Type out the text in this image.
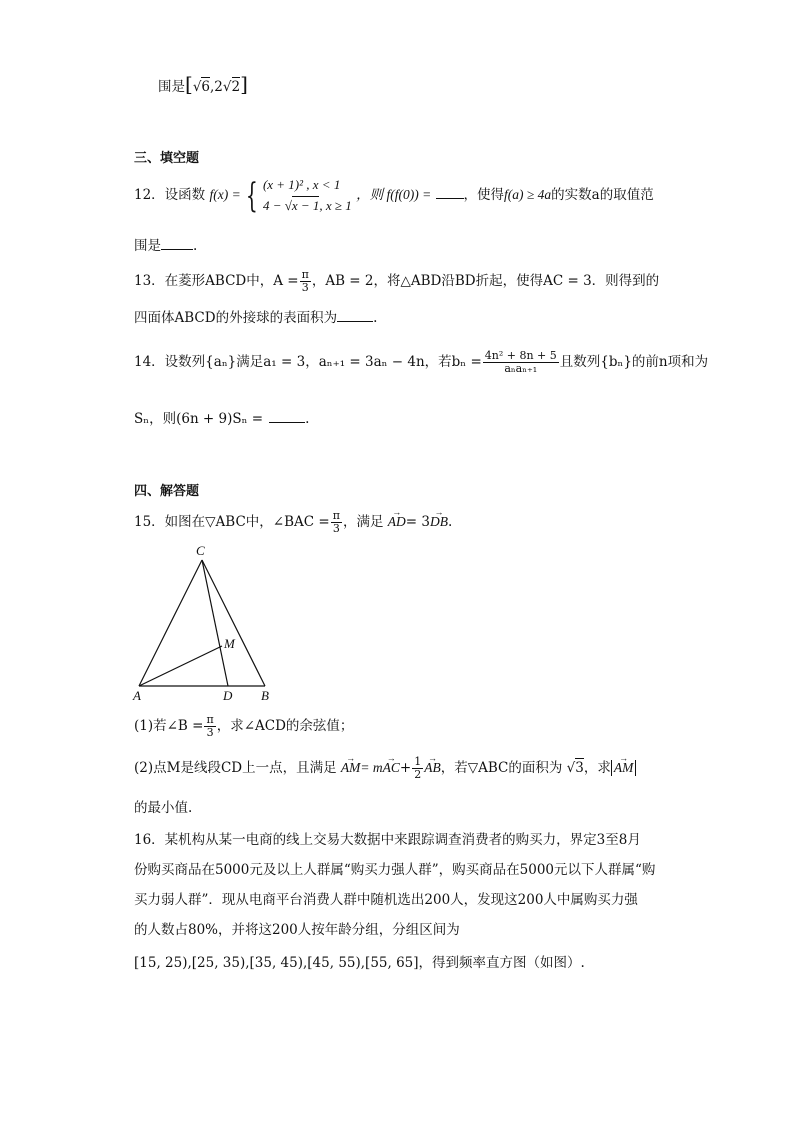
围是[√6,2√2]
三、填空题
12．设函数 f(x) = { (x + 1)² , x < 1
4 − √x − 1, x ≥ 1
，则 f(f(0)) = ，使得f(a) ≥ 4a的实数a的取值范
围是 .
13．在菱形ABCD中，$A = \frac{\pi}{3}$ ，AB = 2，将△ABD沿BD折起，使得AC = 3．则得到的
四面体ABCD的外接球的表面积为	.
14．设数列{aₙ}满足a₁ = 3，aₙ₊₁ = 3aₙ − 4n，若$b_n = \frac{\text{4n² + 8n + 5}}{\text{aₙaₙ₊₁}}$ 且数列{bₙ}的前n项和为
Sₙ，则(6n + 9)Sₙ =	.
四、解答题
15．如图在▽ABC中，∠BAC = $\frac{\pi}{3}$ ，满足 → AD= 3→ DB.
C
M
A	D B
(1)若∠B = $\frac{\pi}{3}$ ，求∠ACD的余弦值；
(2)点M是线段CD上一点，且满足 → $AM= m\to AC+ \frac{1}{2}$ → AB，若▽ABC的面积为 √3，求 → AM
的最小值.
16．某机构从某一电商的线上交易大数据中来跟踪调查消费者的购买力，界定3至8月
份购买商品在5000元及以上人群属“购买力强人群”，购买商品在5000元以下人群属“购
买力弱人群”．现从电商平台消费人群中随机选出200人，发现这200人中属购买力强
的人数占80%，并将这200人按年龄分组，分组区间为
[15, 25),[25, 35),[35, 45),[45, 55),[55, 65]，得到频率直方图（如图）.
